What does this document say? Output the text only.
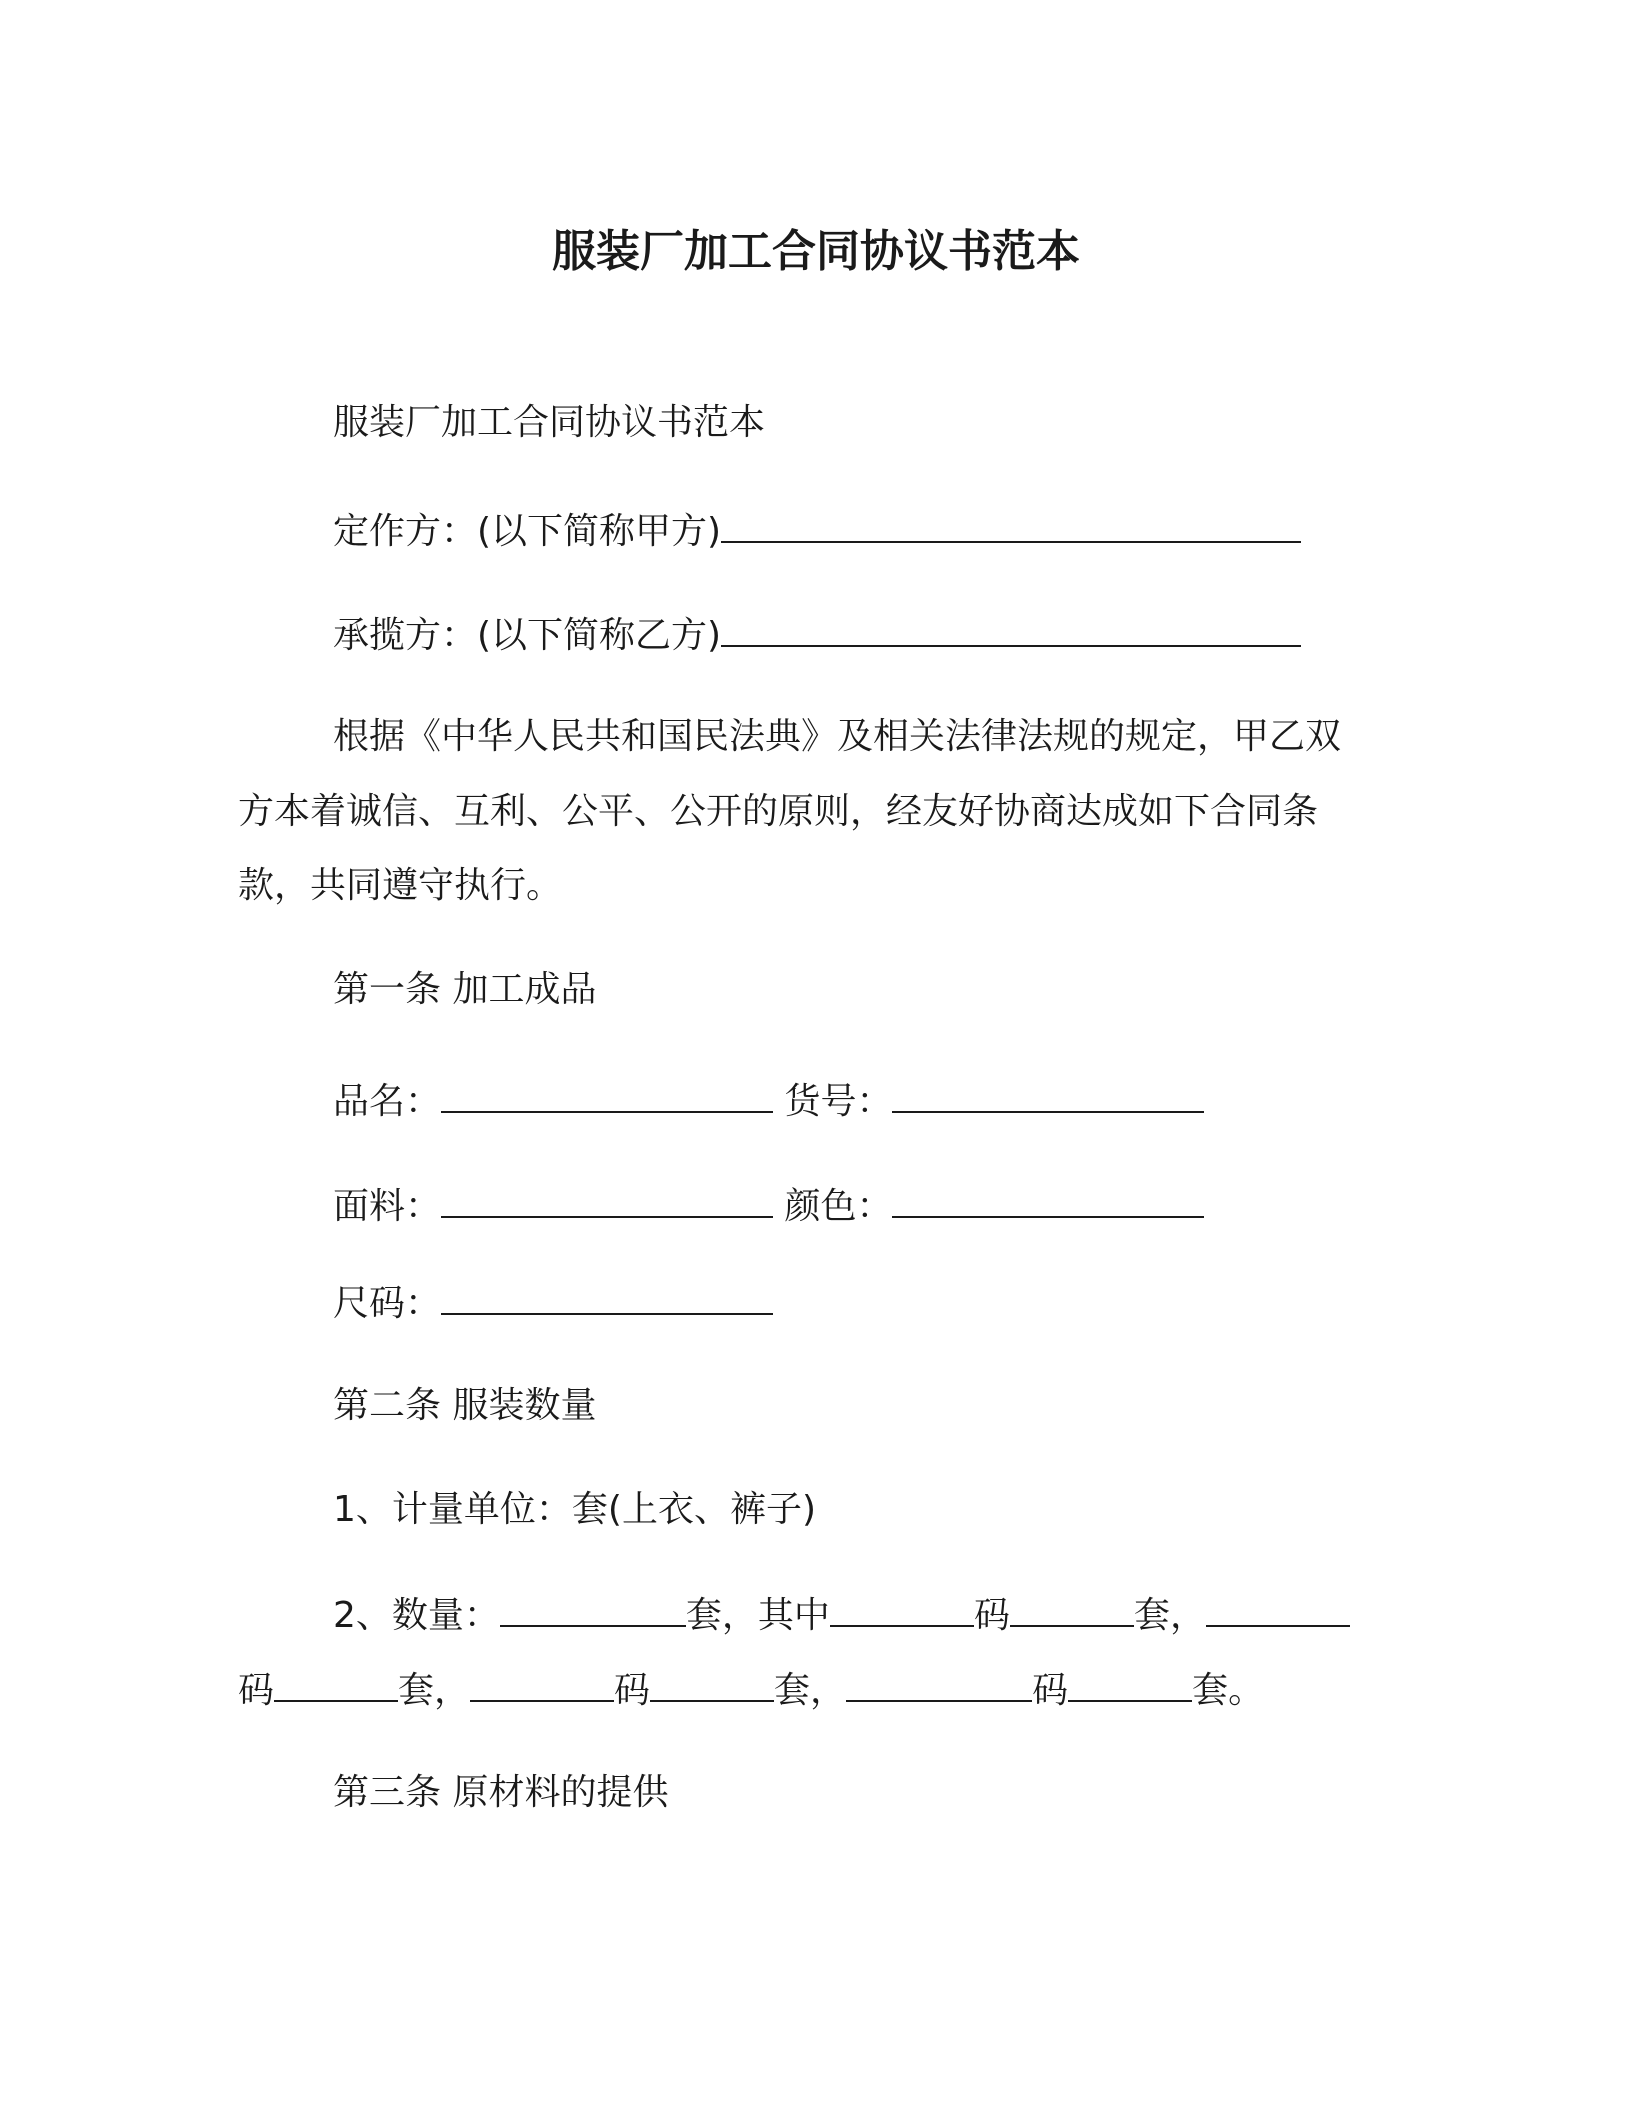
服装厂加工合同协议书范本
服装厂加工合同协议书范本
定作方：(以下简称甲方)
承揽方：(以下简称乙方)
根据《中华人民共和国民法典》及相关法律法规的规定，甲乙双
方本着诚信、互利、公平、公开的原则，经友好协商达成如下合同条
款，共同遵守执行。
第一条 加工成品
品名：	货号：
面料：	颜色：
尺码：
第二条 服装数量
1、计量单位：套(上衣、裤子)
2、数量：	套，其中	码	套，
码	套，	码	套，	码	套。
第三条 原材料的提供
